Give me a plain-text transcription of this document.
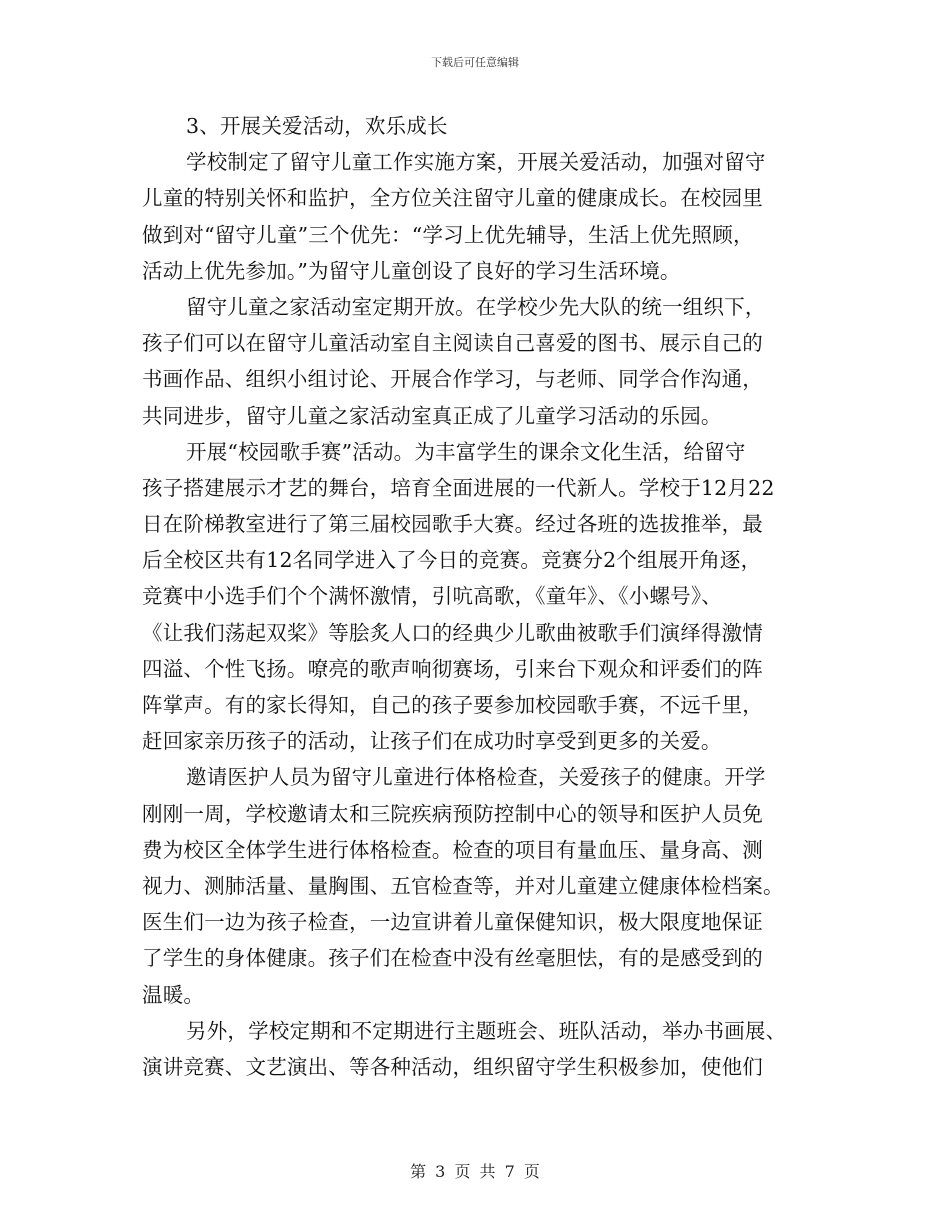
下载后可任意编辑
3、开展关爱活动，欢乐成长
学校制定了留守儿童工作实施方案，开展关爱活动，加强对留守
儿童的特别关怀和监护，全方位关注留守儿童的健康成长。在校园里
做到对“留守儿童”三个优先：“学习上优先辅导，生活上优先照顾，
活动上优先参加。”为留守儿童创设了良好的学习生活环境。
留守儿童之家活动室定期开放。在学校少先大队的统一组织下，
孩子们可以在留守儿童活动室自主阅读自己喜爱的图书、展示自己的
书画作品、组织小组讨论、开展合作学习，与老师、同学合作沟通，
共同进步，留守儿童之家活动室真正成了儿童学习活动的乐园。
开展“校园歌手赛”活动。为丰富学生的课余文化生活，给留守
孩子搭建展示才艺的舞台，培育全面进展的一代新人。学校于12月22
日在阶梯教室进行了第三届校园歌手大赛。经过各班的选拔推举，最
后全校区共有12名同学进入了今日的竞赛。竞赛分2个组展开角逐，
竞赛中小选手们个个满怀激情，引吭高歌，《童年》、《小螺号》、
《让我们荡起双桨》等脍炙人口的经典少儿歌曲被歌手们演绎得激情
四溢、个性飞扬。嘹亮的歌声响彻赛场，引来台下观众和评委们的阵
阵掌声。有的家长得知，自己的孩子要参加校园歌手赛，不远千里，
赶回家亲历孩子的活动，让孩子们在成功时享受到更多的关爱。
邀请医护人员为留守儿童进行体格检查，关爱孩子的健康。开学
刚刚一周，学校邀请太和三院疾病预防控制中心的领导和医护人员免
费为校区全体学生进行体格检查。检查的项目有量血压、量身高、测
视力、测肺活量、量胸围、五官检查等，并对儿童建立健康体检档案。
医生们一边为孩子检查，一边宣讲着儿童保健知识，极大限度地保证
了学生的身体健康。孩子们在检查中没有丝毫胆怯，有的是感受到的
温暖。
另外，学校定期和不定期进行主题班会、班队活动，举办书画展、
演讲竞赛、文艺演出、等各种活动，组织留守学生积极参加，使他们
第 3 页 共 7 页
